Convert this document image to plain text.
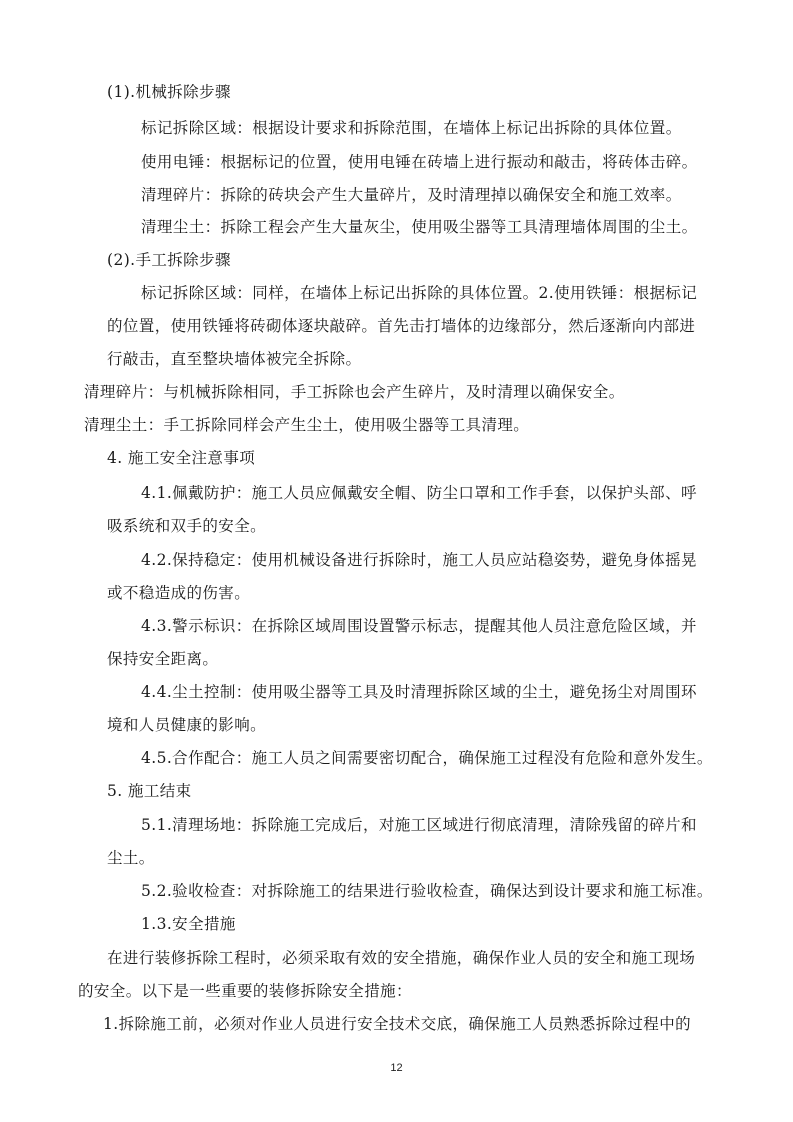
(1).机械拆除步骤
标记拆除区域：根据设计要求和拆除范围，在墙体上标记出拆除的具体位置。
使用电锤：根据标记的位置，使用电锤在砖墙上进行振动和敲击，将砖体击碎。
清理碎片：拆除的砖块会产生大量碎片，及时清理掉以确保安全和施工效率。
清理尘土：拆除工程会产生大量灰尘，使用吸尘器等工具清理墙体周围的尘土。
(2).手工拆除步骤
标记拆除区域：同样，在墙体上标记出拆除的具体位置。2.使用铁锤：根据标记
的位置，使用铁锤将砖砌体逐块敲碎。首先击打墙体的边缘部分，然后逐渐向内部进
行敲击，直至整块墙体被完全拆除。
清理碎片：与机械拆除相同，手工拆除也会产生碎片，及时清理以确保安全。
清理尘土：手工拆除同样会产生尘土，使用吸尘器等工具清理。
4. 施工安全注意事项
4.1.佩戴防护：施工人员应佩戴安全帽、防尘口罩和工作手套，以保护头部、呼
吸系统和双手的安全。
4.2.保持稳定：使用机械设备进行拆除时，施工人员应站稳姿势，避免身体摇晃
或不稳造成的伤害。
4.3.警示标识：在拆除区域周围设置警示标志，提醒其他人员注意危险区域，并
保持安全距离。
4.4.尘土控制：使用吸尘器等工具及时清理拆除区域的尘土，避免扬尘对周围环
境和人员健康的影响。
4.5.合作配合：施工人员之间需要密切配合，确保施工过程没有危险和意外发生。
5. 施工结束
5.1.清理场地：拆除施工完成后，对施工区域进行彻底清理，清除残留的碎片和
尘土。
5.2.验收检查：对拆除施工的结果进行验收检查，确保达到设计要求和施工标准。
1.3.安全措施
在进行装修拆除工程时，必须采取有效的安全措施，确保作业人员的安全和施工现场
的安全。以下是一些重要的装修拆除安全措施：
1.拆除施工前，必须对作业人员进行安全技术交底，确保施工人员熟悉拆除过程中的
12
